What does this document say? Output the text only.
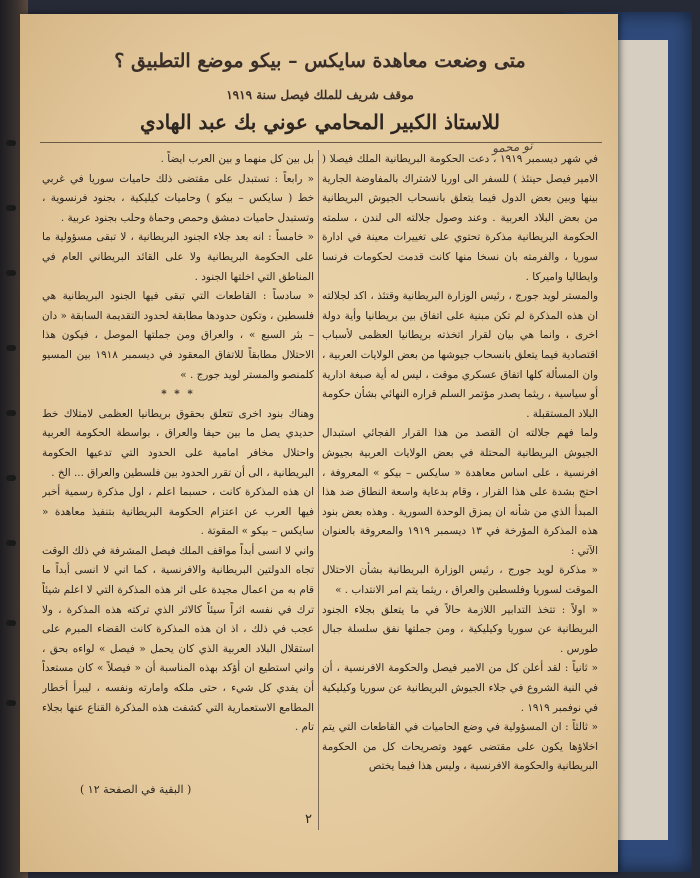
متى وضعت معاهدة سايكس – بيكو موضع التطبيق ؟
موقف شريف للملك فيصل سنة ١٩١٩
للاستاذ الكبير المحامي عوني بك عبد الهادي
تو محمو

في شهر ديسمبر ١٩١٩ ، دعت الحكومة البريطانية الملك فيصلا ( الامير فيصل حينئذ ) للسفر الى اوربا لاشتراك بالمفاوضة الجارية بينها وبين بعض الدول فيما يتعلق بانسحاب الجيوش البريطانية من بعض البلاد العربية . وعند وصول جلالته الى لندن ، سلمته الحكومة البريطانية مذكرة تحتوي على تغييرات معينة في ادارة سوريا ، والفرمته بان نسخا منها كانت قدمت لحكومات فرنسا وايطاليا واميركا .

والمستر لويد جورج ، رئيس الوزارة البريطانية وقتئذ ، اكد لجلالته ان هذه المذكرة لم تكن مبنية على اتفاق بين بريطانيا وأية دولة اخرى ، وانما هي بيان لقرار اتخذته بريطانيا العظمى لأسباب اقتصادية فيما يتعلق بانسحاب جيوشها من بعض الولايات العربية ، وان المسألة كلها اتفاق عسكري موقت ، ليس له أية صبغة ادارية أو سياسية ، ريثما يصدر مؤتمر السلم قراره النهائي بشأن حكومة البلاد المستقبلة .

ولما فهم جلالته ان القصد من هذا القرار الفجائي استبدال الجيوش البريطانية المحتلة في بعض الولايات العربية بجيوش افرنسية ، على اساس معاهدة « سايكس – بيكو » المعروفة ، احتج بشدة على هذا القرار ، وقام بدعاية واسعة النطاق ضد هذا المبدأ الذي من شأنه ان يمزق الوحدة السورية . وهذه بعض بنود هذه المذكرة المؤرخة في ١٣ ديسمبر ١٩١٩ والمعروفة بالعنوان الآتي :

« مذكرة لويد جورج ، رئيس الوزارة البريطانية بشأن الاحتلال الموقت لسوريا وفلسطين والعراق ، ريثما يتم امر الانتداب . »

« اولاً : تتخذ التدابير اللازمة حالاً في ما يتعلق بجلاء الجنود البريطانية عن سوريا وكيليكية ، ومن جملتها نفق سلسلة جبال طورس .

« ثانياً : لقد أعلن كل من الامير فيصل والحكومة الافرنسية ، أن في النية الشروع في جلاء الجيوش البريطانية عن سوريا وكيليكية في نوفمبر ١٩١٩ .

« ثالثاً : ان المسؤولية في وضع الحاميات في القاطعات التي يتم اخلاؤها يكون على مقتضى عهود وتصريحات كل من الحكومة البريطانية والحكومة الافرنسية ، وليس هذا فيما يختص

بل بين كل منهما و بين العرب ايضاً .

« رابعاً : تستبدل على مقتضى ذلك حاميات سوريا في غربي خط ( سايكس – بيكو ) وحاميات كيليكية ، بجنود فرنسوية ، وتستبدل حاميات دمشق وحمص وحماة وحلب بجنود عربية .

« خامساً : انه بعد جلاء الجنود البريطانية ، لا تبقى مسؤولية ما على الحكومة البريطانية ولا على القائد البريطاني العام في المناطق التي اخلتها الجنود .

« سادساً : القاطعات التي تبقى فيها الجنود البريطانية هي فلسطين ، وتكون حدودها مطابقة لحدود التقديمة السابقة « دان – بئر السبع » ، والعراق ومن جملتها الموصل ، فيكون هذا الاحتلال مطابقاً للاتفاق المعقود في ديسمبر ١٩١٨ بين المسيو كلمنصو والمستر لويد جورج . »

* * *

وهناك بنود اخرى تتعلق بحقوق بريطانيا العظمى لامتلاك خط حديدي يصل ما بين حيفا والعراق ، بواسطة الحكومة العربية واحتلال مخافر امامية على الحدود التي تدعيها الحكومة البريطانية ، الى أن تقرر الحدود بين فلسطين والعراق ... الخ .

ان هذه المذكرة كانت ، حسبما اعلم ، اول مذكرة رسمية أخبر فيها العرب عن اعتزام الحكومة البريطانية بتنفيذ معاهدة « سايكس – بيكو » المقوتة .

واني لا انسى أبداً مواقف الملك فيصل المشرفة في ذلك الوقت تجاه الدولتين البريطانية والافرنسية ، كما اني لا انسى أبداً ما قام به من اعمال مجيدة على اثر هذه المذكرة التي لا اعلم شيئاً ترك في نفسه اثراً سيئاً كالاثر الذي تركته هذه المذكرة ، ولا عجب في ذلك ، اذ ان هذه المذكرة كانت القضاء المبرم على استقلال البلاد العربية الذي كان يحمل « فيصل » لواءه بحق ، واني استطيع ان أؤكد بهذه المناسبة أن « فيصلاً » كان مستعداً أن يفدي كل شيء ، حتى ملكه وامارته ونفسه ، ليبرأ أخطار المطامع الاستعمارية التي كشفت هذه المذكرة القناع عنها بجلاء تام .

( البقية في الصفحة ١٢ )
٢
